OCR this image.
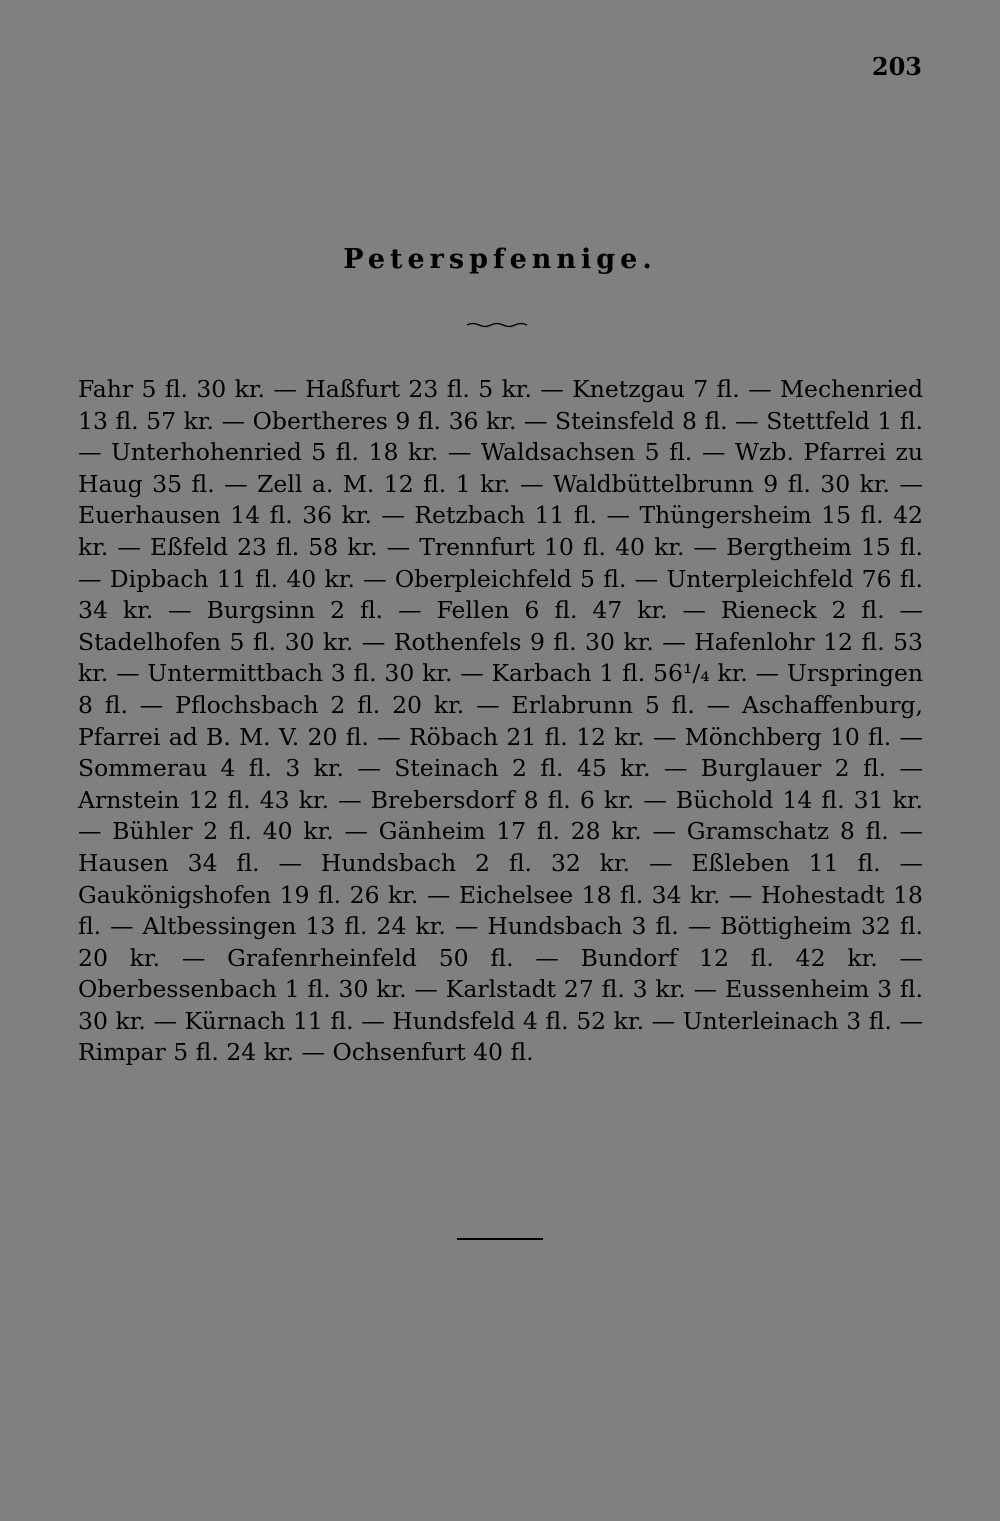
203
Peterspfennige.
Fahr 5 fl. 30 kr. — Haßfurt 23 fl. 5 kr. — Knetzgau 7 fl. — Mechenried 13 fl. 57 kr. — Obertheres 9 fl. 36 kr. — Steinsfeld 8 fl. — Stettfeld 1 fl. — Unterhohenried 5 fl. 18 kr. — Waldsachsen 5 fl. — Wzb. Pfarrei zu Haug 35 fl. — Zell a. M. 12 fl. 1 kr. — Waldbüttelbrunn 9 fl. 30 kr. — Euerhausen 14 fl. 36 kr. — Retzbach 11 fl. — Thüngersheim 15 fl. 42 kr. — Eßfeld 23 fl. 58 kr. — Trennfurt 10 fl. 40 kr. — Bergtheim 15 fl. — Dipbach 11 fl. 40 kr. — Oberpleichfeld 5 fl. — Unterpleichfeld 76 fl. 34 kr. — Burgsinn 2 fl. — Fellen 6 fl. 47 kr. — Rieneck 2 fl. — Stadelhofen 5 fl. 30 kr. — Rothenfels 9 fl. 30 kr. — Hafenlohr 12 fl. 53 kr. — Untermittbach 3 fl. 30 kr. — Karbach 1 fl. 56¹/₄ kr. — Urspringen 8 fl. — Pflochsbach 2 fl. 20 kr. — Erlabrunn 5 fl. — Aschaffenburg, Pfarrei ad B. M. V. 20 fl. — Röbach 21 fl. 12 kr. — Mönchberg 10 fl. — Sommerau 4 fl. 3 kr. — Steinach 2 fl. 45 kr. — Burglauer 2 fl. — Arnstein 12 fl. 43 kr. — Brebersdorf 8 fl. 6 kr. — Büchold 14 fl. 31 kr. — Bühler 2 fl. 40 kr. — Gänheim 17 fl. 28 kr. — Gramschatz 8 fl. — Hausen 34 fl. — Hundsbach 2 fl. 32 kr. — Eßleben 11 fl. — Gaukönigshofen 19 fl. 26 kr. — Eichelsee 18 fl. 34 kr. — Hohestadt 18 fl. — Altbessingen 13 fl. 24 kr. — Hundsbach 3 fl. — Böttigheim 32 fl. 20 kr. — Grafenrheinfeld 50 fl. — Bundorf 12 fl. 42 kr. — Oberbessenbach 1 fl. 30 kr. — Karlstadt 27 fl. 3 kr. — Eussenheim 3 fl. 30 kr. — Kürnach 11 fl. — Hundsfeld 4 fl. 52 kr. — Unterleinach 3 fl. — Rimpar 5 fl. 24 kr. — Ochsenfurt 40 fl.
